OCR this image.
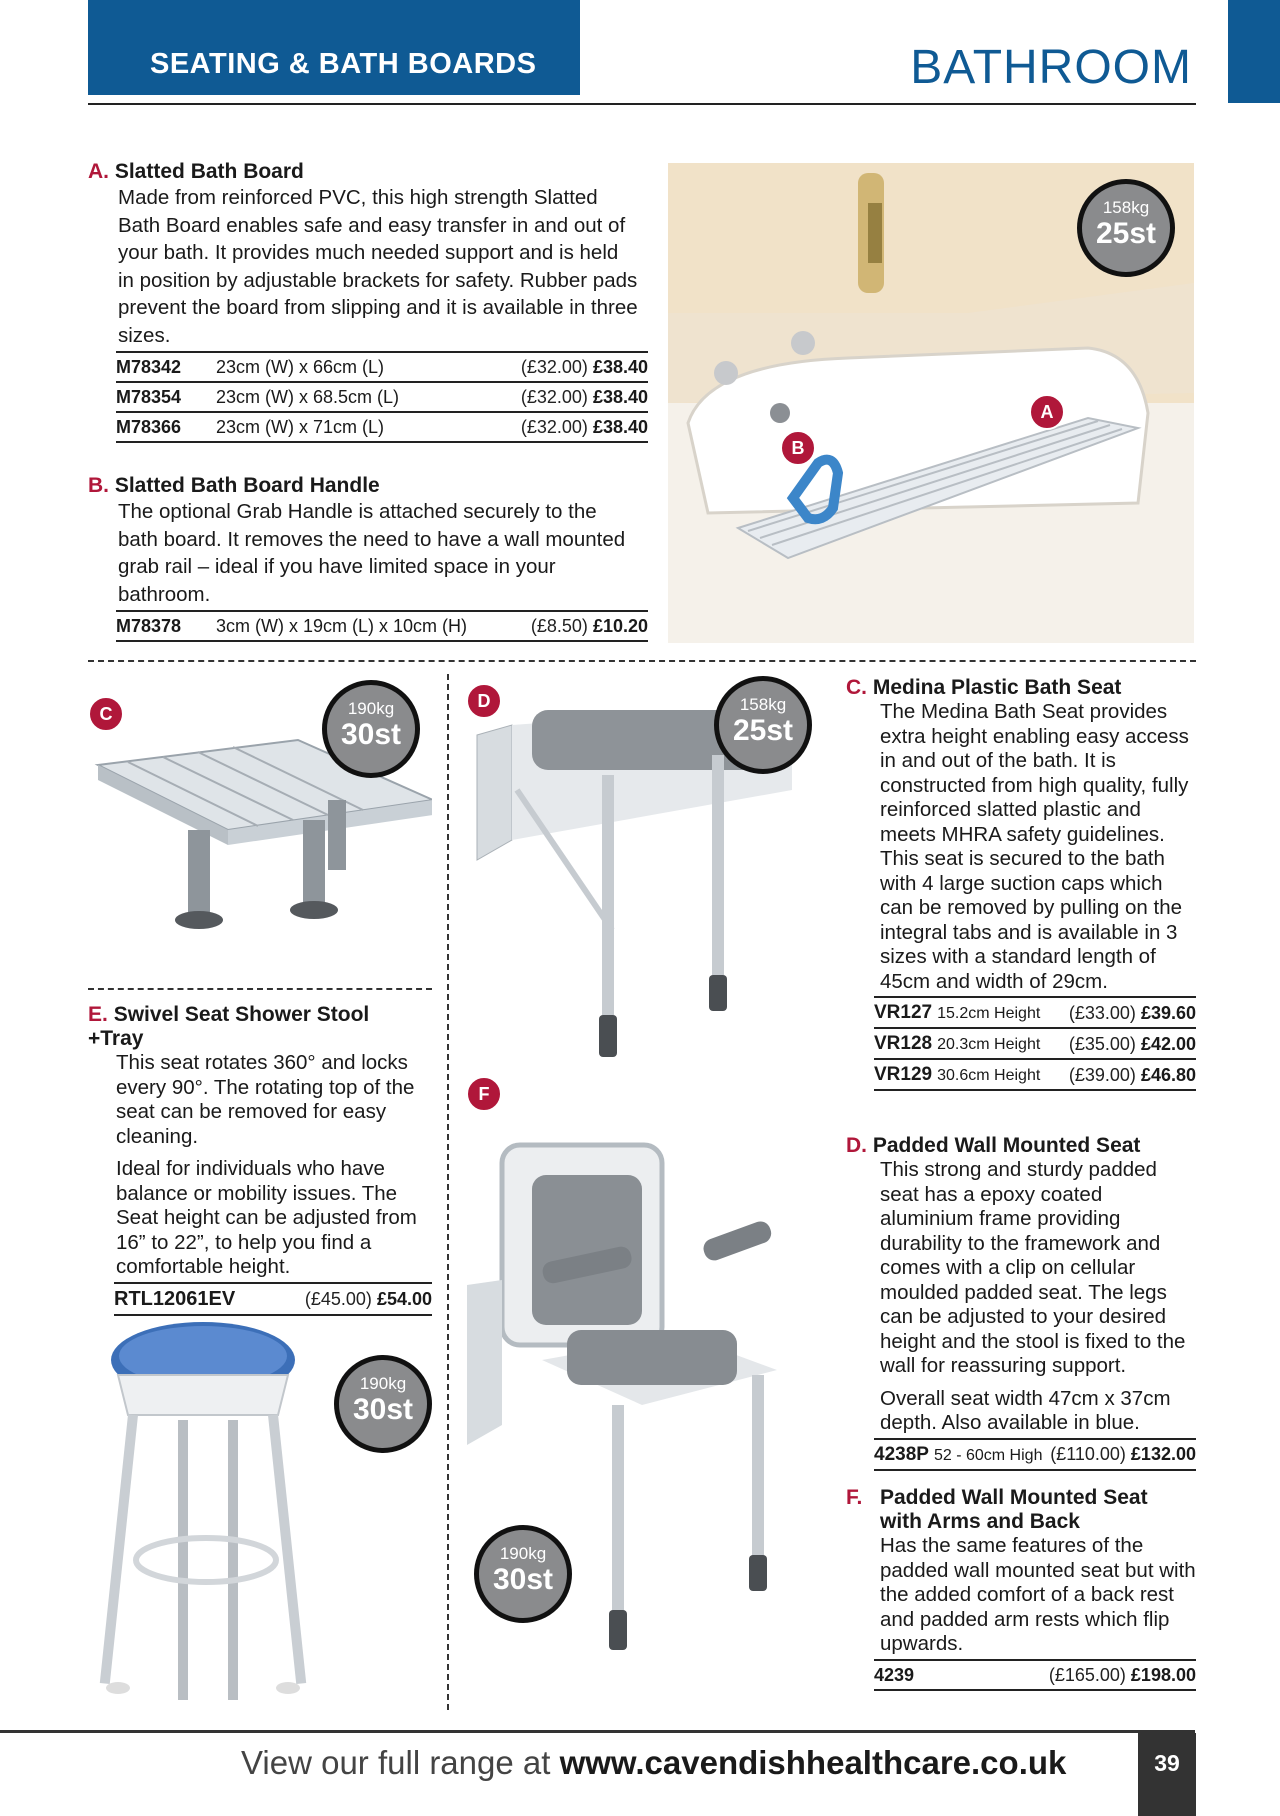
SEATING & BATH BOARDS	BATHROOM
A. Slatted Bath Board
Made from reinforced PVC, this high strength Slatted Bath Board enables safe and easy transfer in and out of your bath. It provides much needed support and is held in position by adjustable brackets for safety. Rubber pads prevent the board from slipping and it is available in three sizes.
M78342	23cm (W) x 66cm (L)	(£32.00) £38.40
M78354	23cm (W) x 68.5cm (L)	(£32.00) £38.40
M78366	23cm (W) x 71cm (L)	(£32.00) £38.40
B. Slatted Bath Board Handle
The optional Grab Handle is attached securely to the bath board. It removes the need to have a wall mounted grab rail – ideal if you have limited space in your bathroom.
M78378	3cm (W) x 19cm (L) x 10cm (H)	(£8.50) £10.20
A
B
158kg
25st
C	190kg
30st
E. Swivel Seat Shower Stool +Tray
This seat rotates 360° and locks every 90°. The rotating top of the seat can be removed for easy cleaning.
Ideal for individuals who have balance or mobility issues. The Seat height can be adjusted from 16” to 22”, to help you find a comfortable height.
RTL12061EV	(£45.00) £54.00
190kg
30st
D	158kg
25st
F
190kg
30st
C. Medina Plastic Bath Seat
The Medina Bath Seat provides extra height enabling easy access in and out of the bath. It is constructed from high quality, fully reinforced slatted plastic and meets MHRA safety guidelines. This seat is secured to the bath with 4 large suction caps which can be removed by pulling on the integral tabs and is available in 3 sizes with a standard length of 45cm and width of 29cm.
VR127 15.2cm Height	(£33.00) £39.60
VR128 20.3cm Height	(£35.00) £42.00
VR129 30.6cm Height	(£39.00) £46.80
D. Padded Wall Mounted Seat
This strong and sturdy padded seat has a epoxy coated aluminium frame providing durability to the framework and comes with a clip on cellular moulded padded seat. The legs can be adjusted to your desired height and the stool is fixed to the wall for reassuring support.
Overall seat width 47cm x 37cm depth. Also available in blue.
4238P 52 - 60cm High	(£110.00) £132.00
F. Padded Wall Mounted Seat with Arms and Back
Has the same features of the padded wall mounted seat but with the added comfort of a back rest and padded arm rests which flip upwards.
4239	(£165.00) £198.00
View our full range at www.cavendishhealthcare.co.uk	39
